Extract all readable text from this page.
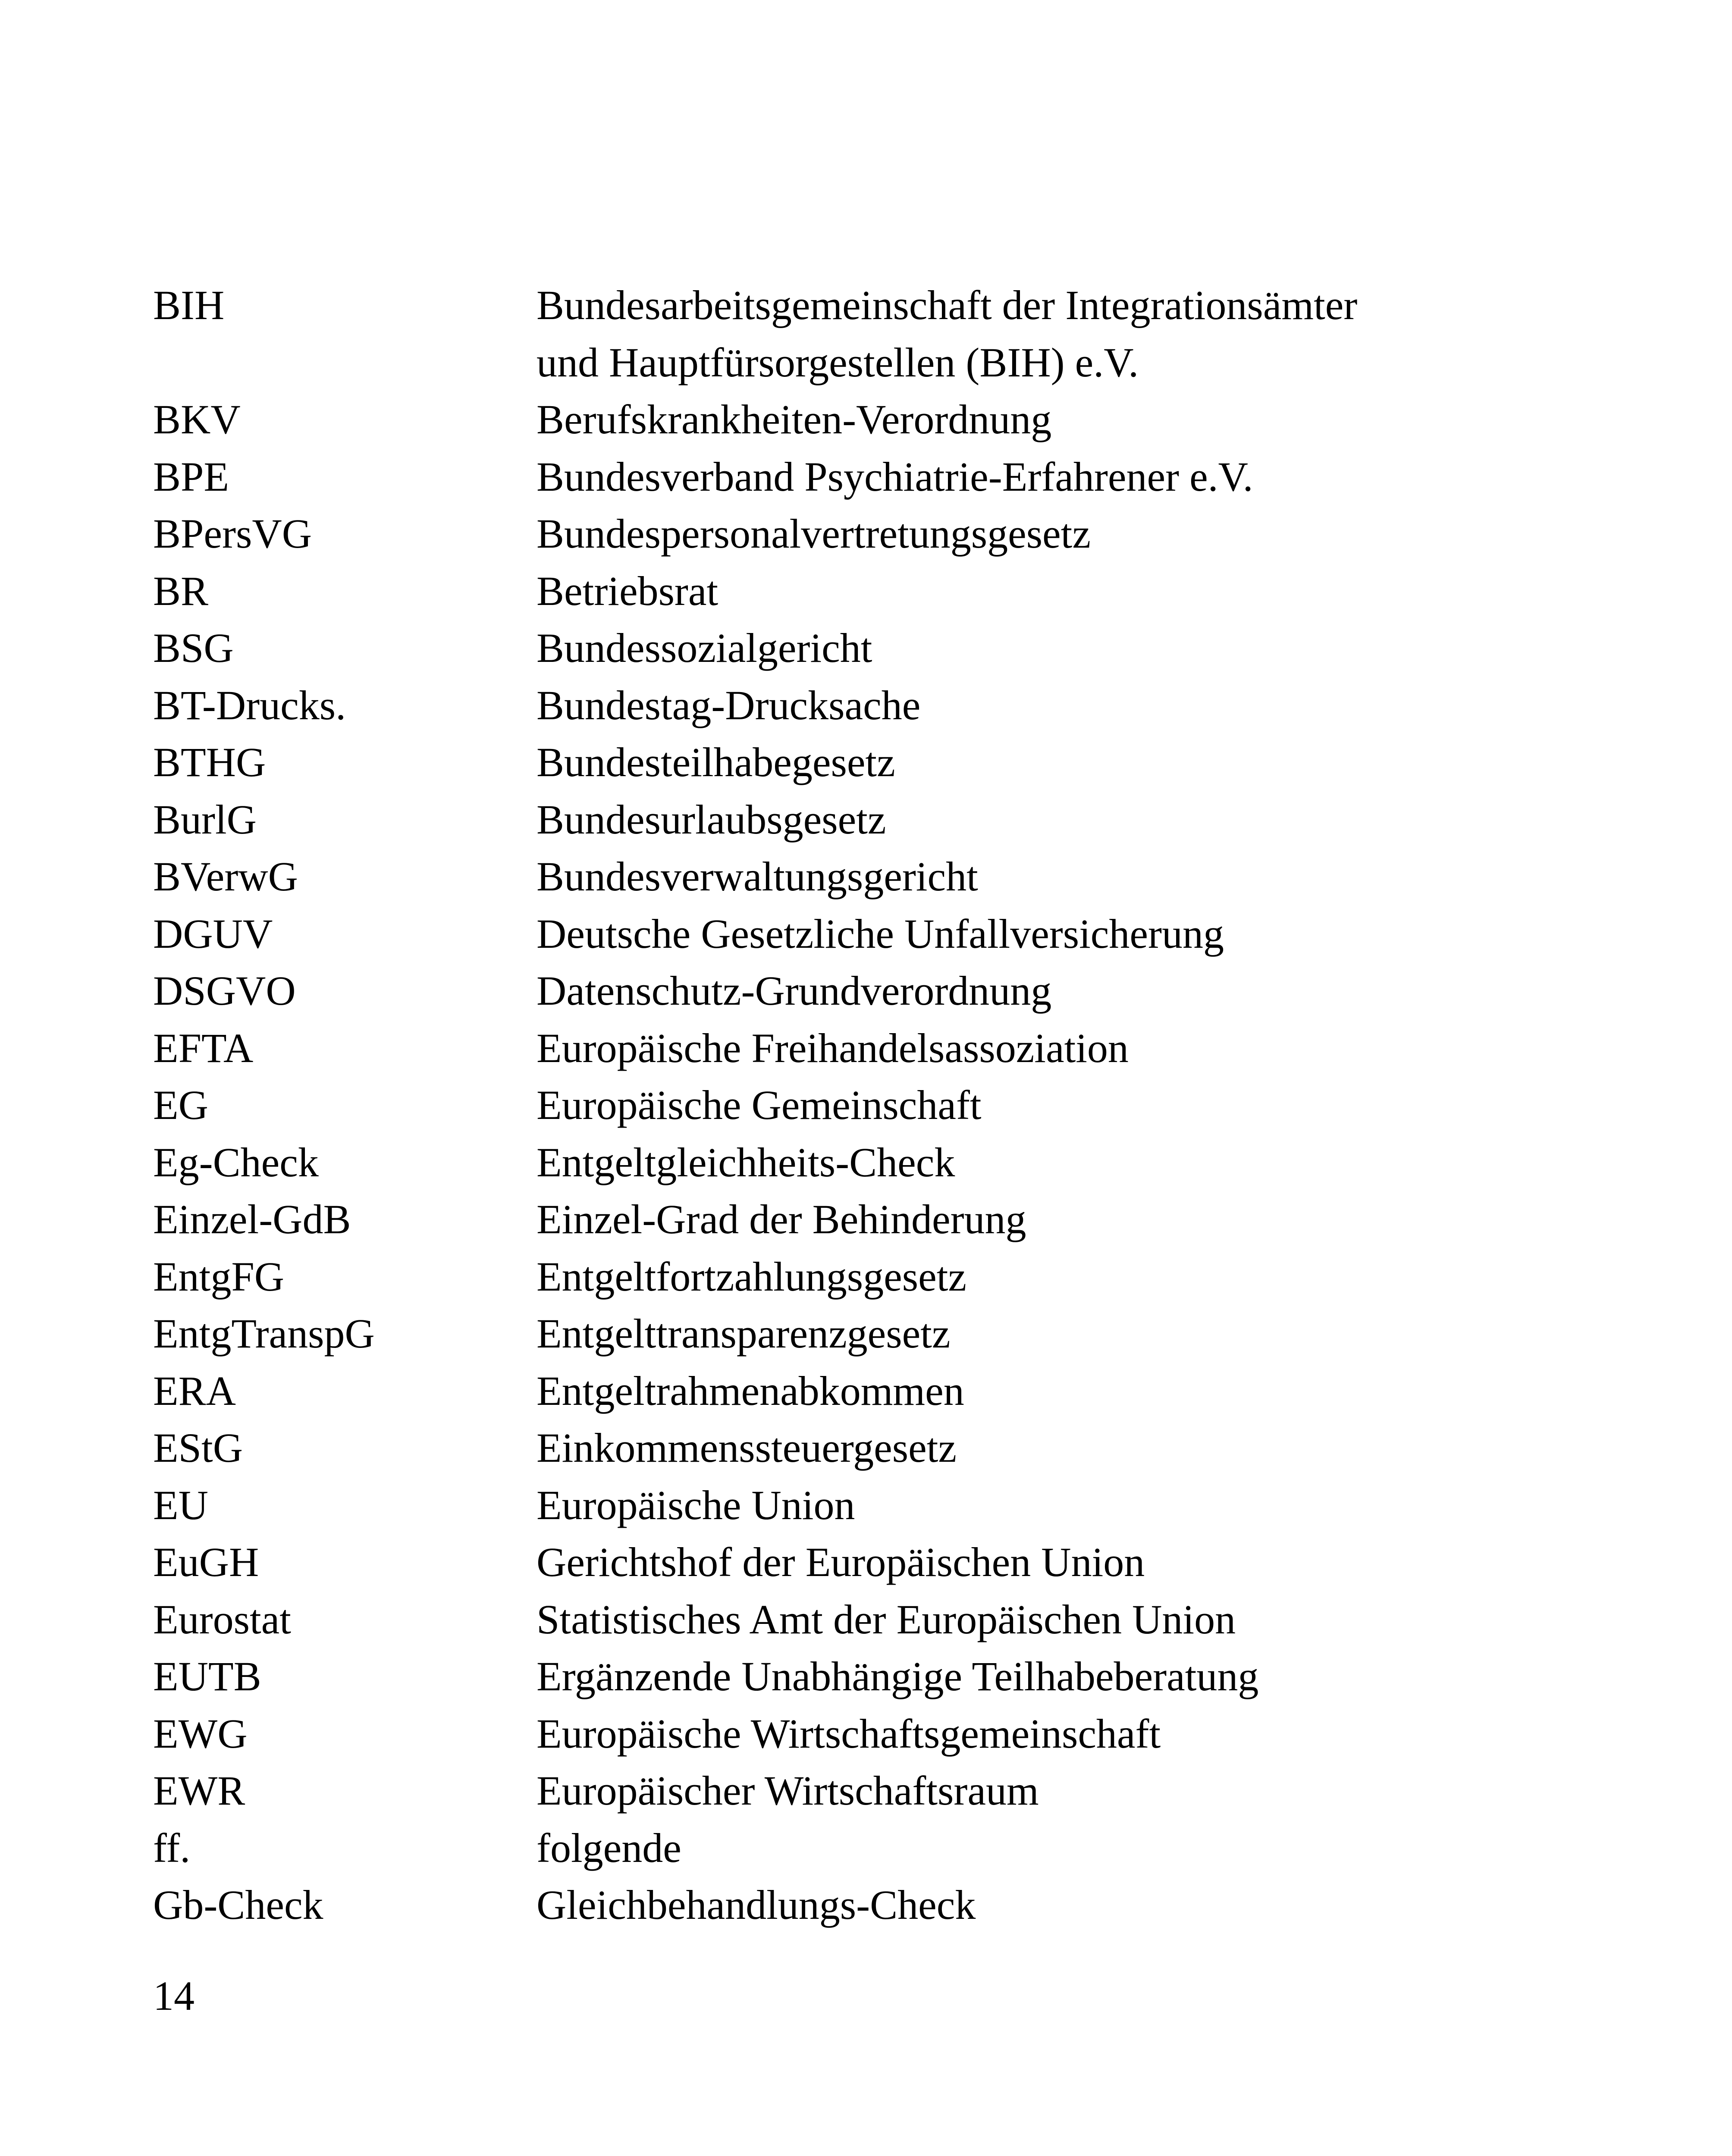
BIH	Bundesarbeitsgemeinschaft der Integrationsämter
und Hauptfürsorgestellen (BIH) e.V.
BKV	Berufskrankheiten-Verordnung
BPE	Bundesverband Psychiatrie-Erfahrener e.V.
BPersVG	Bundespersonalvertretungsgesetz
BR	Betriebsrat
BSG	Bundessozialgericht
BT-Drucks.	Bundestag-Drucksache
BTHG	Bundesteilhabegesetz
BurlG	Bundesurlaubsgesetz
BVerwG	Bundesverwaltungsgericht
DGUV	Deutsche Gesetzliche Unfallversicherung
DSGVO	Datenschutz-Grundverordnung
EFTA	Europäische Freihandelsassoziation
EG	Europäische Gemeinschaft
Eg-Check	Entgeltgleichheits-Check
Einzel-GdB	Einzel-Grad der Behinderung
EntgFG	Entgeltfortzahlungsgesetz
EntgTranspG	Entgelttransparenzgesetz
ERA	Entgeltrahmenabkommen
EStG	Einkommenssteuergesetz
EU	Europäische Union
EuGH	Gerichtshof der Europäischen Union
Eurostat	Statistisches Amt der Europäischen Union
EUTB	Ergänzende Unabhängige Teilhabeberatung
EWG	Europäische Wirtschaftsgemeinschaft
EWR	Europäischer Wirtschaftsraum
ff.	folgende
Gb-Check	Gleichbehandlungs-Check
14
